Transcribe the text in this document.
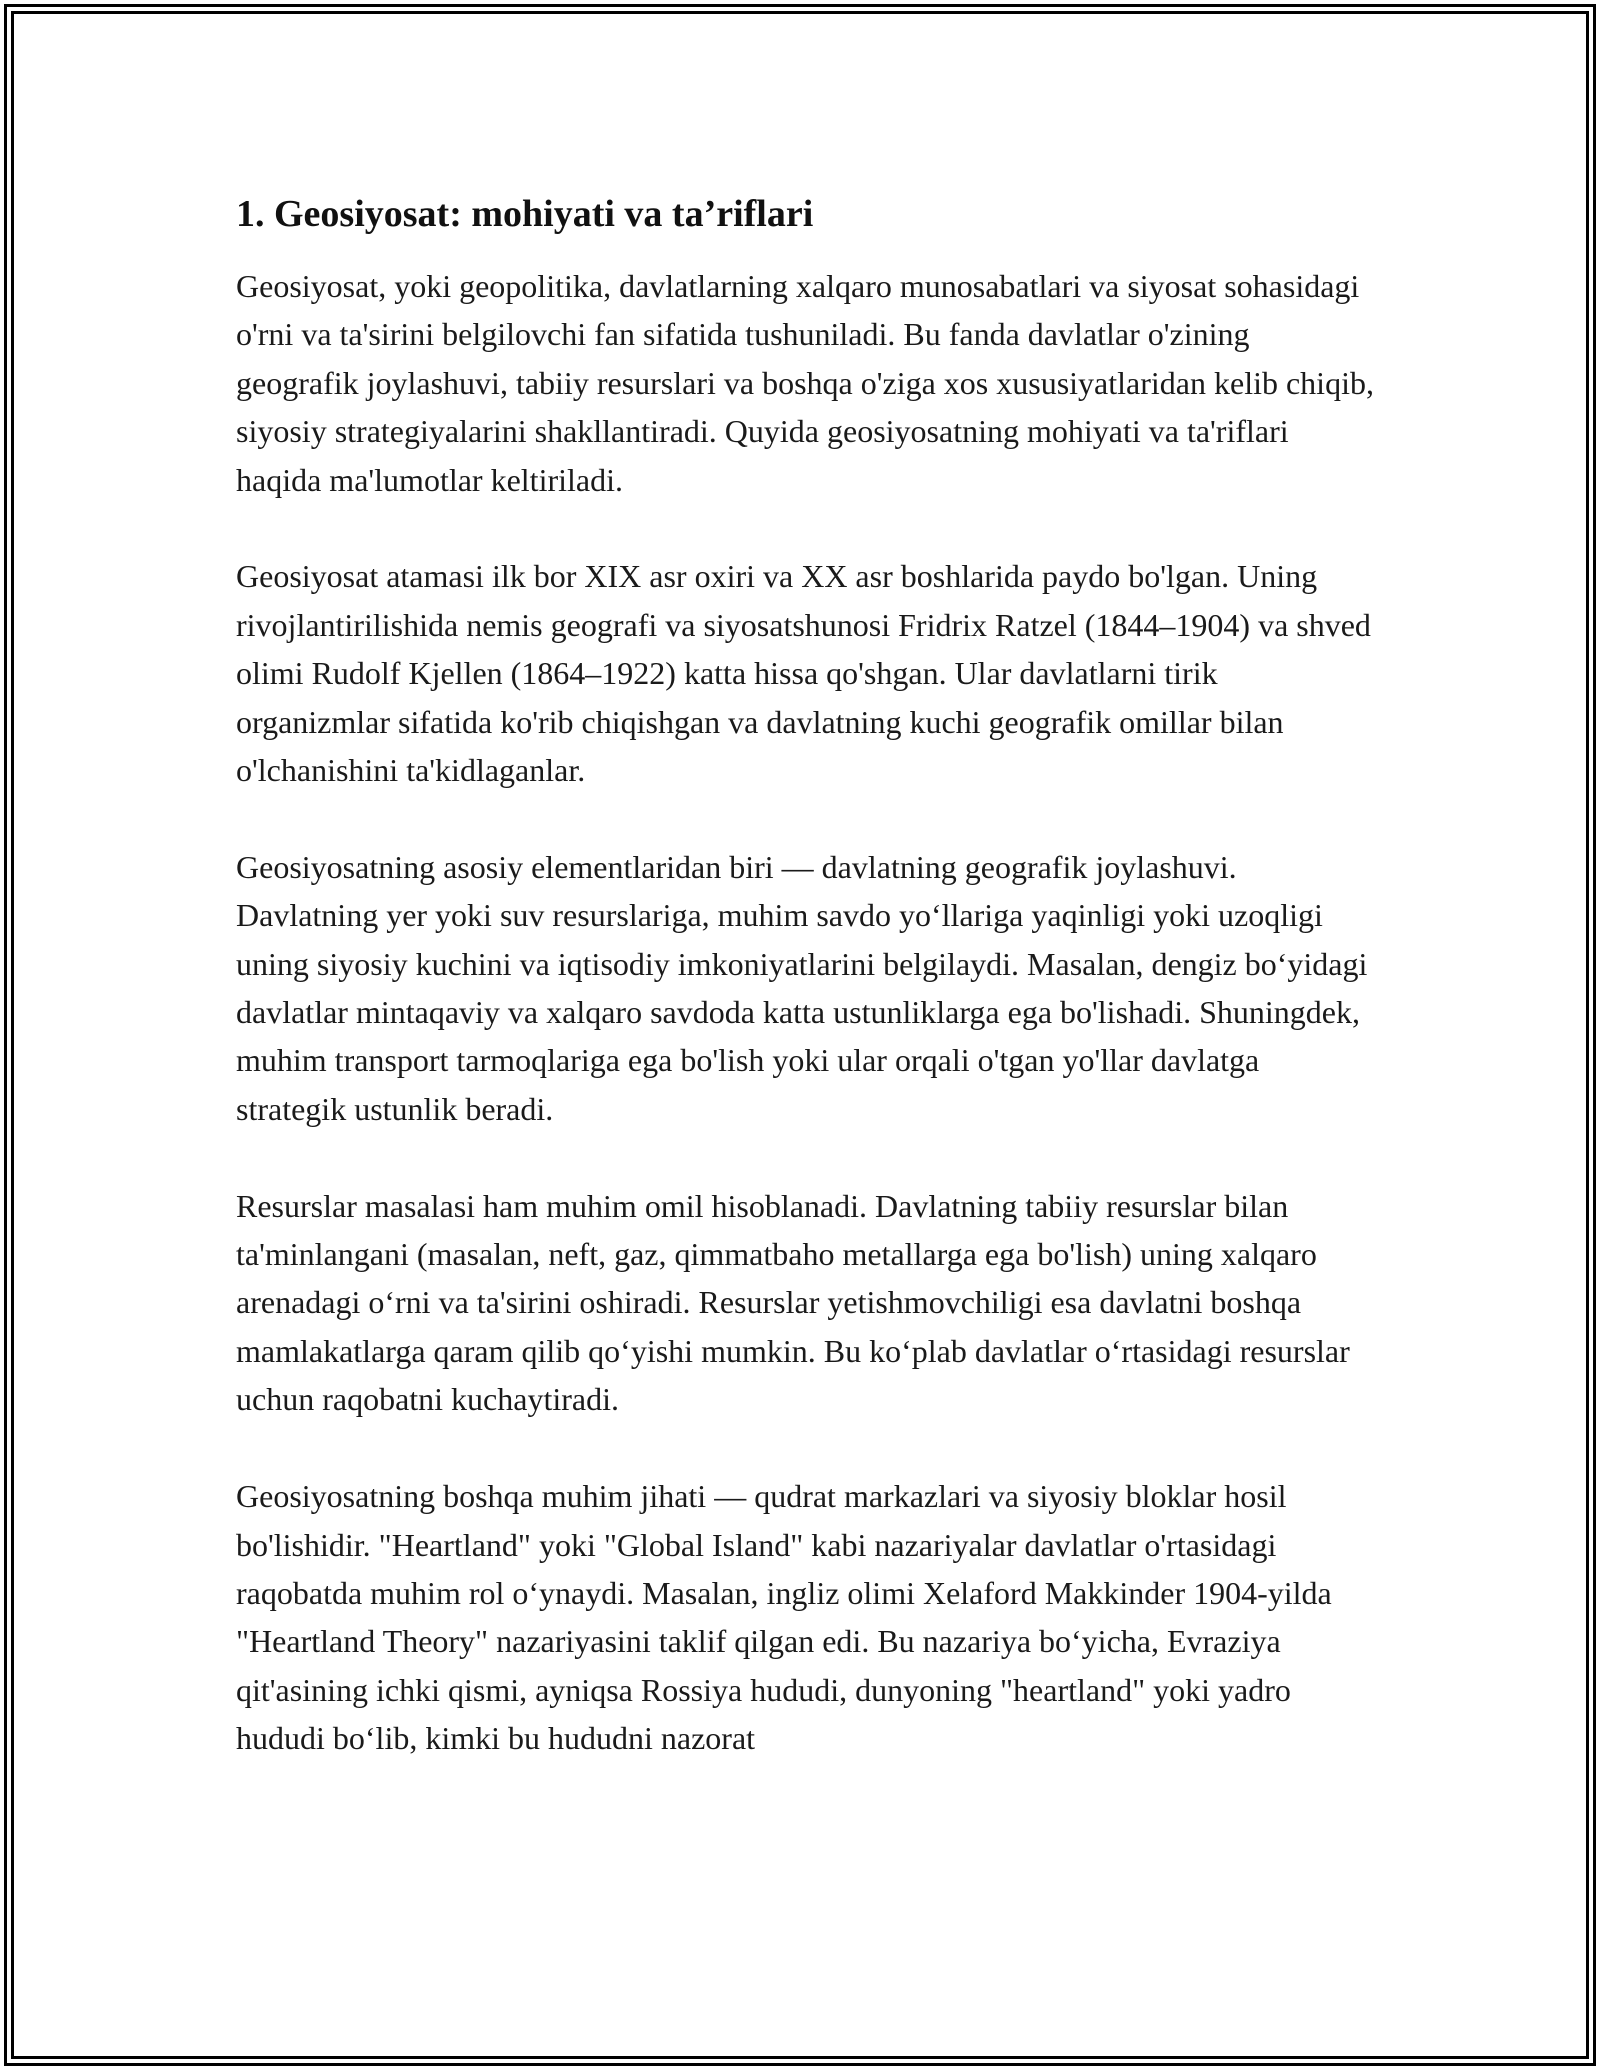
1. Geosiyosat: mohiyati va ta’riflari

Geosiyosat, yoki geopolitika, davlatlarning xalqaro munosabatlari va siyosat sohasidagi o'rni va ta'sirini belgilovchi fan sifatida tushuniladi. Bu fanda davlatlar o'zining geografik joylashuvi, tabiiy resurslari va boshqa o'ziga xos xususiyatlaridan kelib chiqib, siyosiy strategiyalarini shakllantiradi. Quyida geosiyosatning mohiyati va ta'riflari haqida ma'lumotlar keltiriladi.

Geosiyosat atamasi ilk bor XIX asr oxiri va XX asr boshlarida paydo bo'lgan. Uning rivojlantirilishida nemis geografi va siyosatshunosi Fridrix Ratzel (1844–1904) va shved olimi Rudolf Kjellen (1864–1922) katta hissa qo'shgan. Ular davlatlarni tirik organizmlar sifatida ko'rib chiqishgan va davlatning kuchi geografik omillar bilan o'lchanishini ta'kidlaganlar.

Geosiyosatning asosiy elementlaridan biri — davlatning geografik joylashuvi. Davlatning yer yoki suv resurslariga, muhim savdo yo‘llariga yaqinligi yoki uzoqligi uning siyosiy kuchini va iqtisodiy imkoniyatlarini belgilaydi. Masalan, dengiz bo‘yidagi davlatlar mintaqaviy va xalqaro savdoda katta ustunliklarga ega bo'lishadi. Shuningdek, muhim transport tarmoqlariga ega bo'lish yoki ular orqali o'tgan yo'llar davlatga strategik ustunlik beradi.

Resurslar masalasi ham muhim omil hisoblanadi. Davlatning tabiiy resurslar bilan ta'minlangani (masalan, neft, gaz, qimmatbaho metallarga ega bo'lish) uning xalqaro arenadagi o‘rni va ta'sirini oshiradi. Resurslar yetishmovchiligi esa davlatni boshqa mamlakatlarga qaram qilib qo‘yishi mumkin. Bu ko‘plab davlatlar o‘rtasidagi resurslar uchun raqobatni kuchaytiradi.

Geosiyosatning boshqa muhim jihati — qudrat markazlari va siyosiy bloklar hosil bo'lishidir. "Heartland" yoki "Global Island" kabi nazariyalar davlatlar o'rtasidagi raqobatda muhim rol o‘ynaydi. Masalan, ingliz olimi Xelaford Makkinder 1904-yilda "Heartland Theory" nazariyasini taklif qilgan edi. Bu nazariya bo‘yicha, Evraziya qit'asining ichki qismi, ayniqsa Rossiya hududi, dunyoning "heartland" yoki yadro hududi bo‘lib, kimki bu hududni nazorat
